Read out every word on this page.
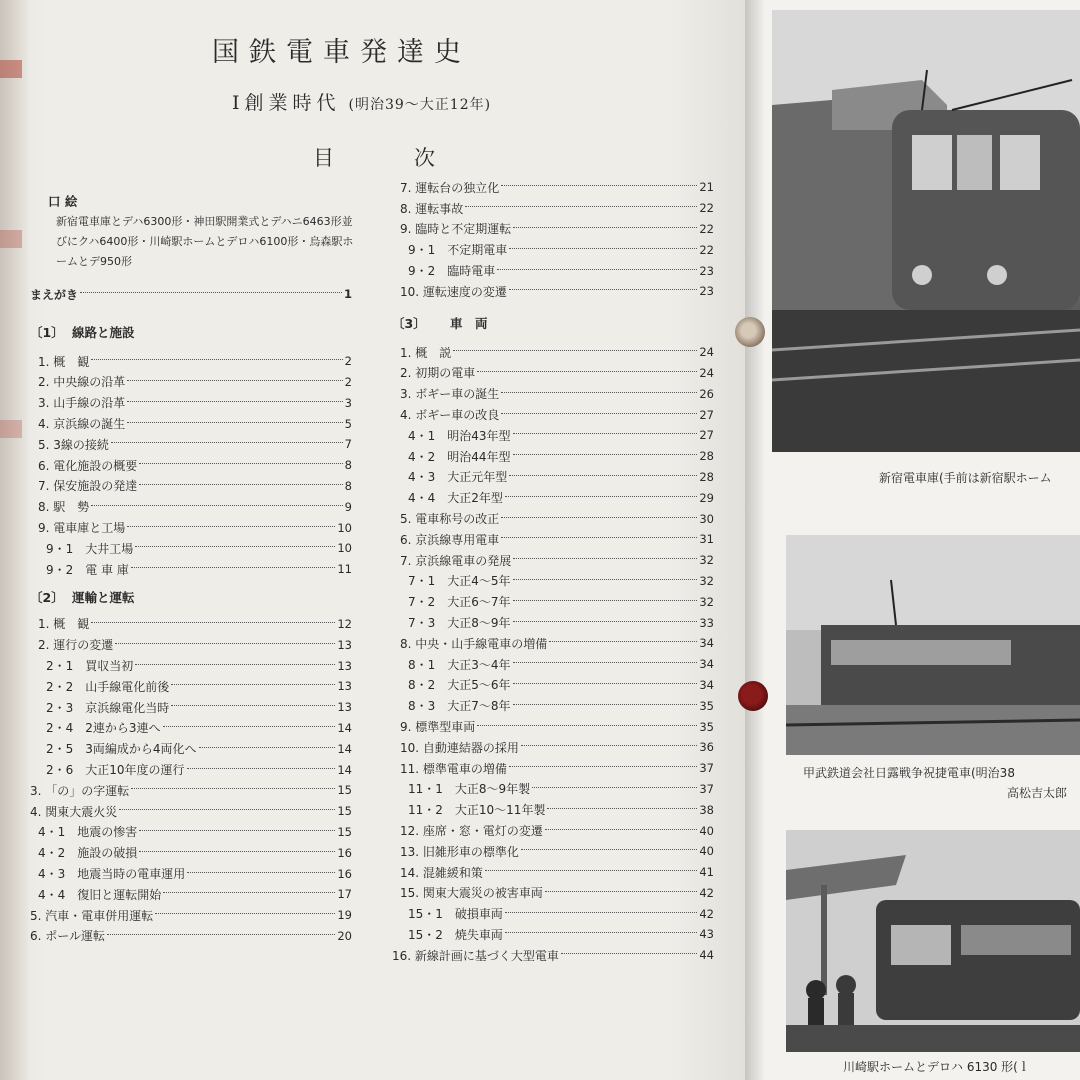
国鉄電車発達史
Ⅰ創業時代 (明治39～大正12年)
目次
口 絵
新宿電車庫とデハ6300形・神田駅開業式とデハニ6463形並びにクハ6400形・川崎駅ホームとデロハ6100形・烏森駅ホームとデ950形
まえがき	1
〔1〕 線路と施設
1. 概　観	2
2. 中央線の沿革	2
3. 山手線の沿革	3
4. 京浜線の誕生	5
5. 3線の接続	7
6. 電化施設の概要	8
7. 保安施設の発達	8
8. 駅　勢	9
9. 電車庫と工場	10
9・1　大井工場	10
9・2　電 車 庫	11
〔2〕 運輸と運転
1. 概　観	12
2. 運行の変遷	13
2・1　買収当初	13
2・2　山手線電化前後	13
2・3　京浜線電化当時	13
2・4　2連から3連へ	14
2・5　3両編成から4両化へ	14
2・6　大正10年度の運行	14
3. 「の」の字運転	15
4. 関東大震火災	15
4・1　地震の惨害	15
4・2　施設の破損	16
4・3　地震当時の電車運用	16
4・4　復旧と運転開始	17
5. 汽車・電車併用運転	19
6. ポール運転	20
7. 運転台の独立化	21
8. 運転事故	22
9. 臨時と不定期運転	22
9・1　不定期電車	22
9・2　臨時電車	23
10. 運転速度の変遷	23
〔3〕	車　両
1. 概　説	24
2. 初期の電車	24
3. ボギー車の誕生	26
4. ボギー車の改良	27
4・1　明治43年型	27
4・2　明治44年型	28
4・3　大正元年型	28
4・4　大正2年型	29
5. 電車称号の改正	30
6. 京浜線専用電車	31
7. 京浜線電車の発展	32
7・1　大正4～5年	32
7・2　大正6～7年	32
7・3　大正8～9年	33
8. 中央・山手線電車の増備	34
8・1　大正3～4年	34
8・2　大正5～6年	34
8・3　大正7～8年	35
9. 標準型車両	35
10. 自動連結器の採用	36
11. 標準電車の増備	37
11・1　大正8～9年製	37
11・2　大正10～11年製	38
12. 座席・窓・電灯の変遷	40
13. 旧雑形車の標準化	40
14. 混雑緩和策	41
15. 関東大震災の被害車両	42
15・1　破損車両	42
15・2　焼失車両	43
16. 新線計画に基づく大型電車	44
新宿電車庫(手前は新宿駅ホーム
甲武鉄道会社日露戦争祝捷電車(明治38
高松吉太郎
川崎駅ホームとデロハ 6130 形(ｌ
